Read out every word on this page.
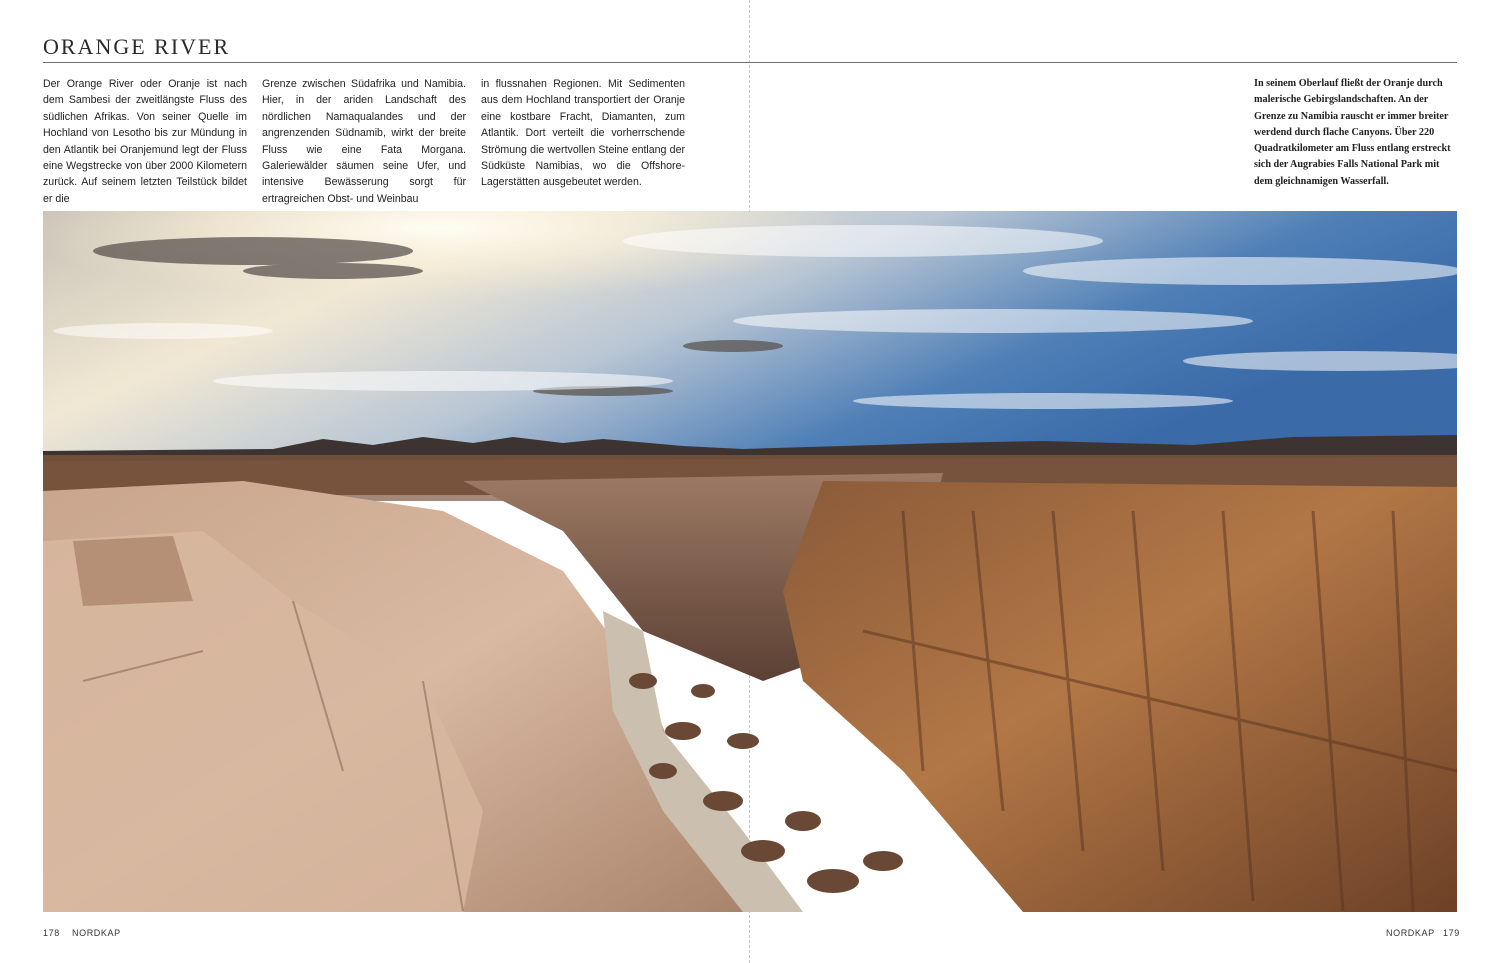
ORANGE RIVER

Der Orange River oder Oranje ist nach dem Sambesi der zweitlängste Fluss des südlichen Afrikas. Von seiner Quelle im Hochland von Lesotho bis zur Mündung in den Atlantik bei Oranjemund legt der Fluss eine Wegstrecke von über 2000 Kilometern zurück. Auf seinem letzten Teilstück bildet er die

Grenze zwischen Südafrika und Namibia. Hier, in der ariden Landschaft des nördlichen Namaqualandes und der angrenzenden Südnamib, wirkt der breite Fluss wie eine Fata Morgana. Galeriewälder säumen seine Ufer, und intensive Bewässerung sorgt für ertragreichen Obst- und Weinbau

in flussnahen Regionen. Mit Sedimenten aus dem Hochland transportiert der Oranje eine kostbare Fracht, Diamanten, zum Atlantik. Dort verteilt die vorherrschende Strömung die wertvollen Steine entlang der Südküste Namibias, wo die Offshore-Lagerstätten ausgebeutet werden.

In seinem Oberlauf fließt der Oranje durch malerische Gebirgslandschaften. An der Grenze zu Namibia rauscht er immer breiter werdend durch flache Canyons. Über 220 Quadratkilometer am Fluss entlang erstreckt sich der Augrabies Falls National Park mit dem gleichnamigen Wasserfall.

178 NORDKAP	NORDKAP 179
